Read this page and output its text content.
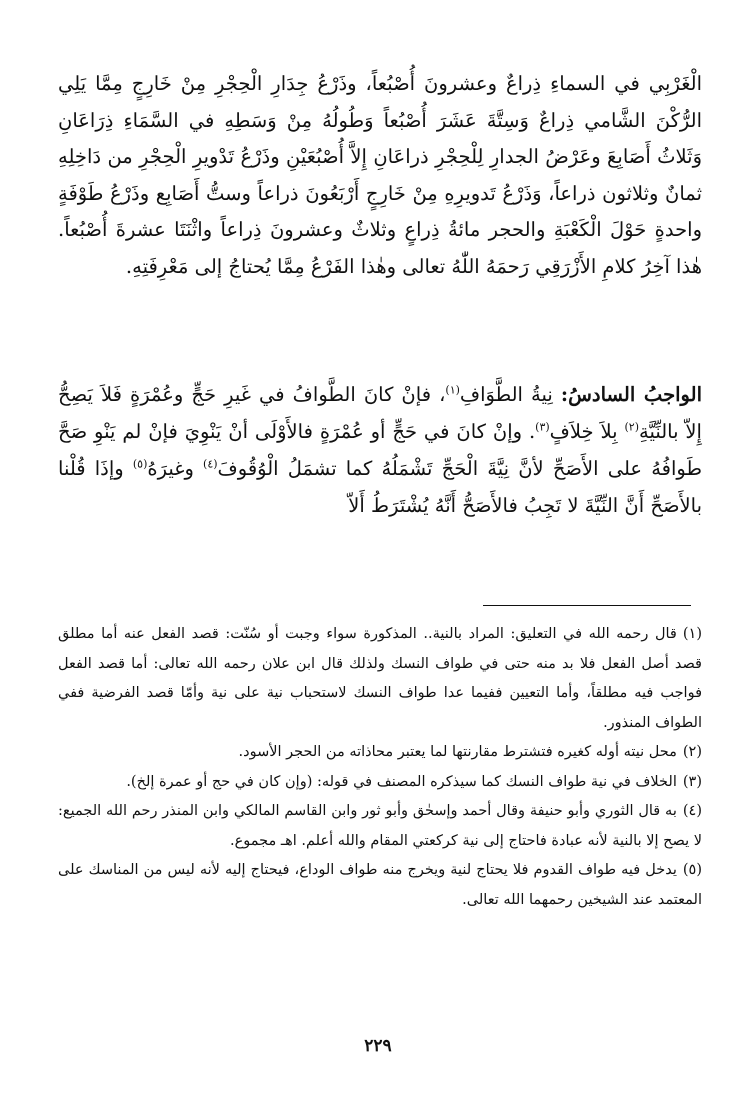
الْغَرْبِي في السماءِ ذِراعٌ وعشرونَ أُصْبُعاً، وذَرْعُ جِدَارِ الْحِجْرِ مِنْ خَارِجٍ مِمَّا يَلِي الرُّكْنَ الشَّامي ذِراعٌ وَسِتَّةَ عَشَرَ أُصْبُعاً وَطُولُهُ مِنْ وَسَطِهِ في السَّمَاءِ ذِرَاعَانِ وَثَلاثُ أَصَابِعَ وعَرْضُ الجدارِ لِلْحِجْرِ ذراعَانِ إِلاَّ أُصْبُعَيْنِ وذَرْعُ تَدْويرِ الْحِجْرِ من دَاخِلِهِ ثمانٌ وثلاثون ذراعاً، وَذَرْعُ تَدويرِهِ مِنْ خَارِجٍ أَرْبَعُونَ ذراعاً وستُّ أَصَابِع وذَرْعُ طَوْفَةٍ واحدةٍ حَوْلَ الْكَعْبَةِ والحجر مائةُ ذِراعٍ وثلاثٌ وعشرونَ ذِراعاً واثْنَتَا عشرةَ أُصْبُعاً. هٰذا آخِرُ كلامِ الأَزْرَقِي رَحمَهُ اللّٰهُ تعالى وهٰذا الفَرْعُ مِمَّا يُحتاجُ إلى مَعْرِفَتِهِ.

الواجبُ السادسُ: نِيةُ الطَّوَافِ$^{(١)}$، فإنْ كانَ الطَّوافُ في غَيرِ حَجٍّ وعُمْرَةٍ فَلاَ يَصِحُّ إِلاّ بالنِّيَّةِ$^{(٢)}$ بِلاَ خِلاَفٍ$^{(٣)}$. وإنْ كانَ في حَجٍّ أو عُمْرَةٍ فالأَوْلَى أنْ يَنْوِيَ فإنْ لم يَنْوِ صَحَّ طَوافُهُ على الأَصَحِّ لأنَّ نِيَّةَ الْحَجِّ تَشْمَلُهُ كما تشمَلُ الْوُقُوفَ$^{(٤)}$ وغيرَهُ$^{(٥)}$ وإذَا قُلْنا بالأَصَحِّ أَنَّ النِّيَّةَ لا تَجِبُ فالأَصَحُّ أَنَّهُ يُشْتَرَطُ أَلاّ

(١)قال رحمه الله في التعليق: المراد بالنية.. المذكورة سواء وجبت أو سُنّت: قصد الفعل عنه أما مطلق قصد أصل الفعل فلا بد منه حتى في طواف النسك ولذلك قال ابن علان رحمه الله تعالى: أما قصد الفعل فواجب فيه مطلقاً، وأما التعيين ففيما عدا طواف النسك لاستحباب نية على نية وأمّا قصد الفرضية ففي الطواف المنذور.

(٢)محل نيته أوله كغيره فتشترط مقارنتها لما يعتبر محاذاته من الحجر الأسود.

(٣)الخلاف في نية طواف النسك كما سيذكره المصنف في قوله: (وإن كان في حج أو عمرة إلخ).

(٤)به قال الثوري وأبو حنيفة وقال أحمد وإسحٰق وأبو ثور وابن القاسم المالكي وابن المنذر رحم الله الجميع: لا يصح إلا بالنية لأنه عبادة فاحتاج إلى نية كركعتي المقام والله أعلم. اهـ مجموع.

(٥)يدخل فيه طواف القدوم فلا يحتاج لنية ويخرج منه طواف الوداع، فيحتاج إليه لأنه ليس من المناسك على المعتمد عند الشيخين رحمهما الله تعالى.

٢٢٩
